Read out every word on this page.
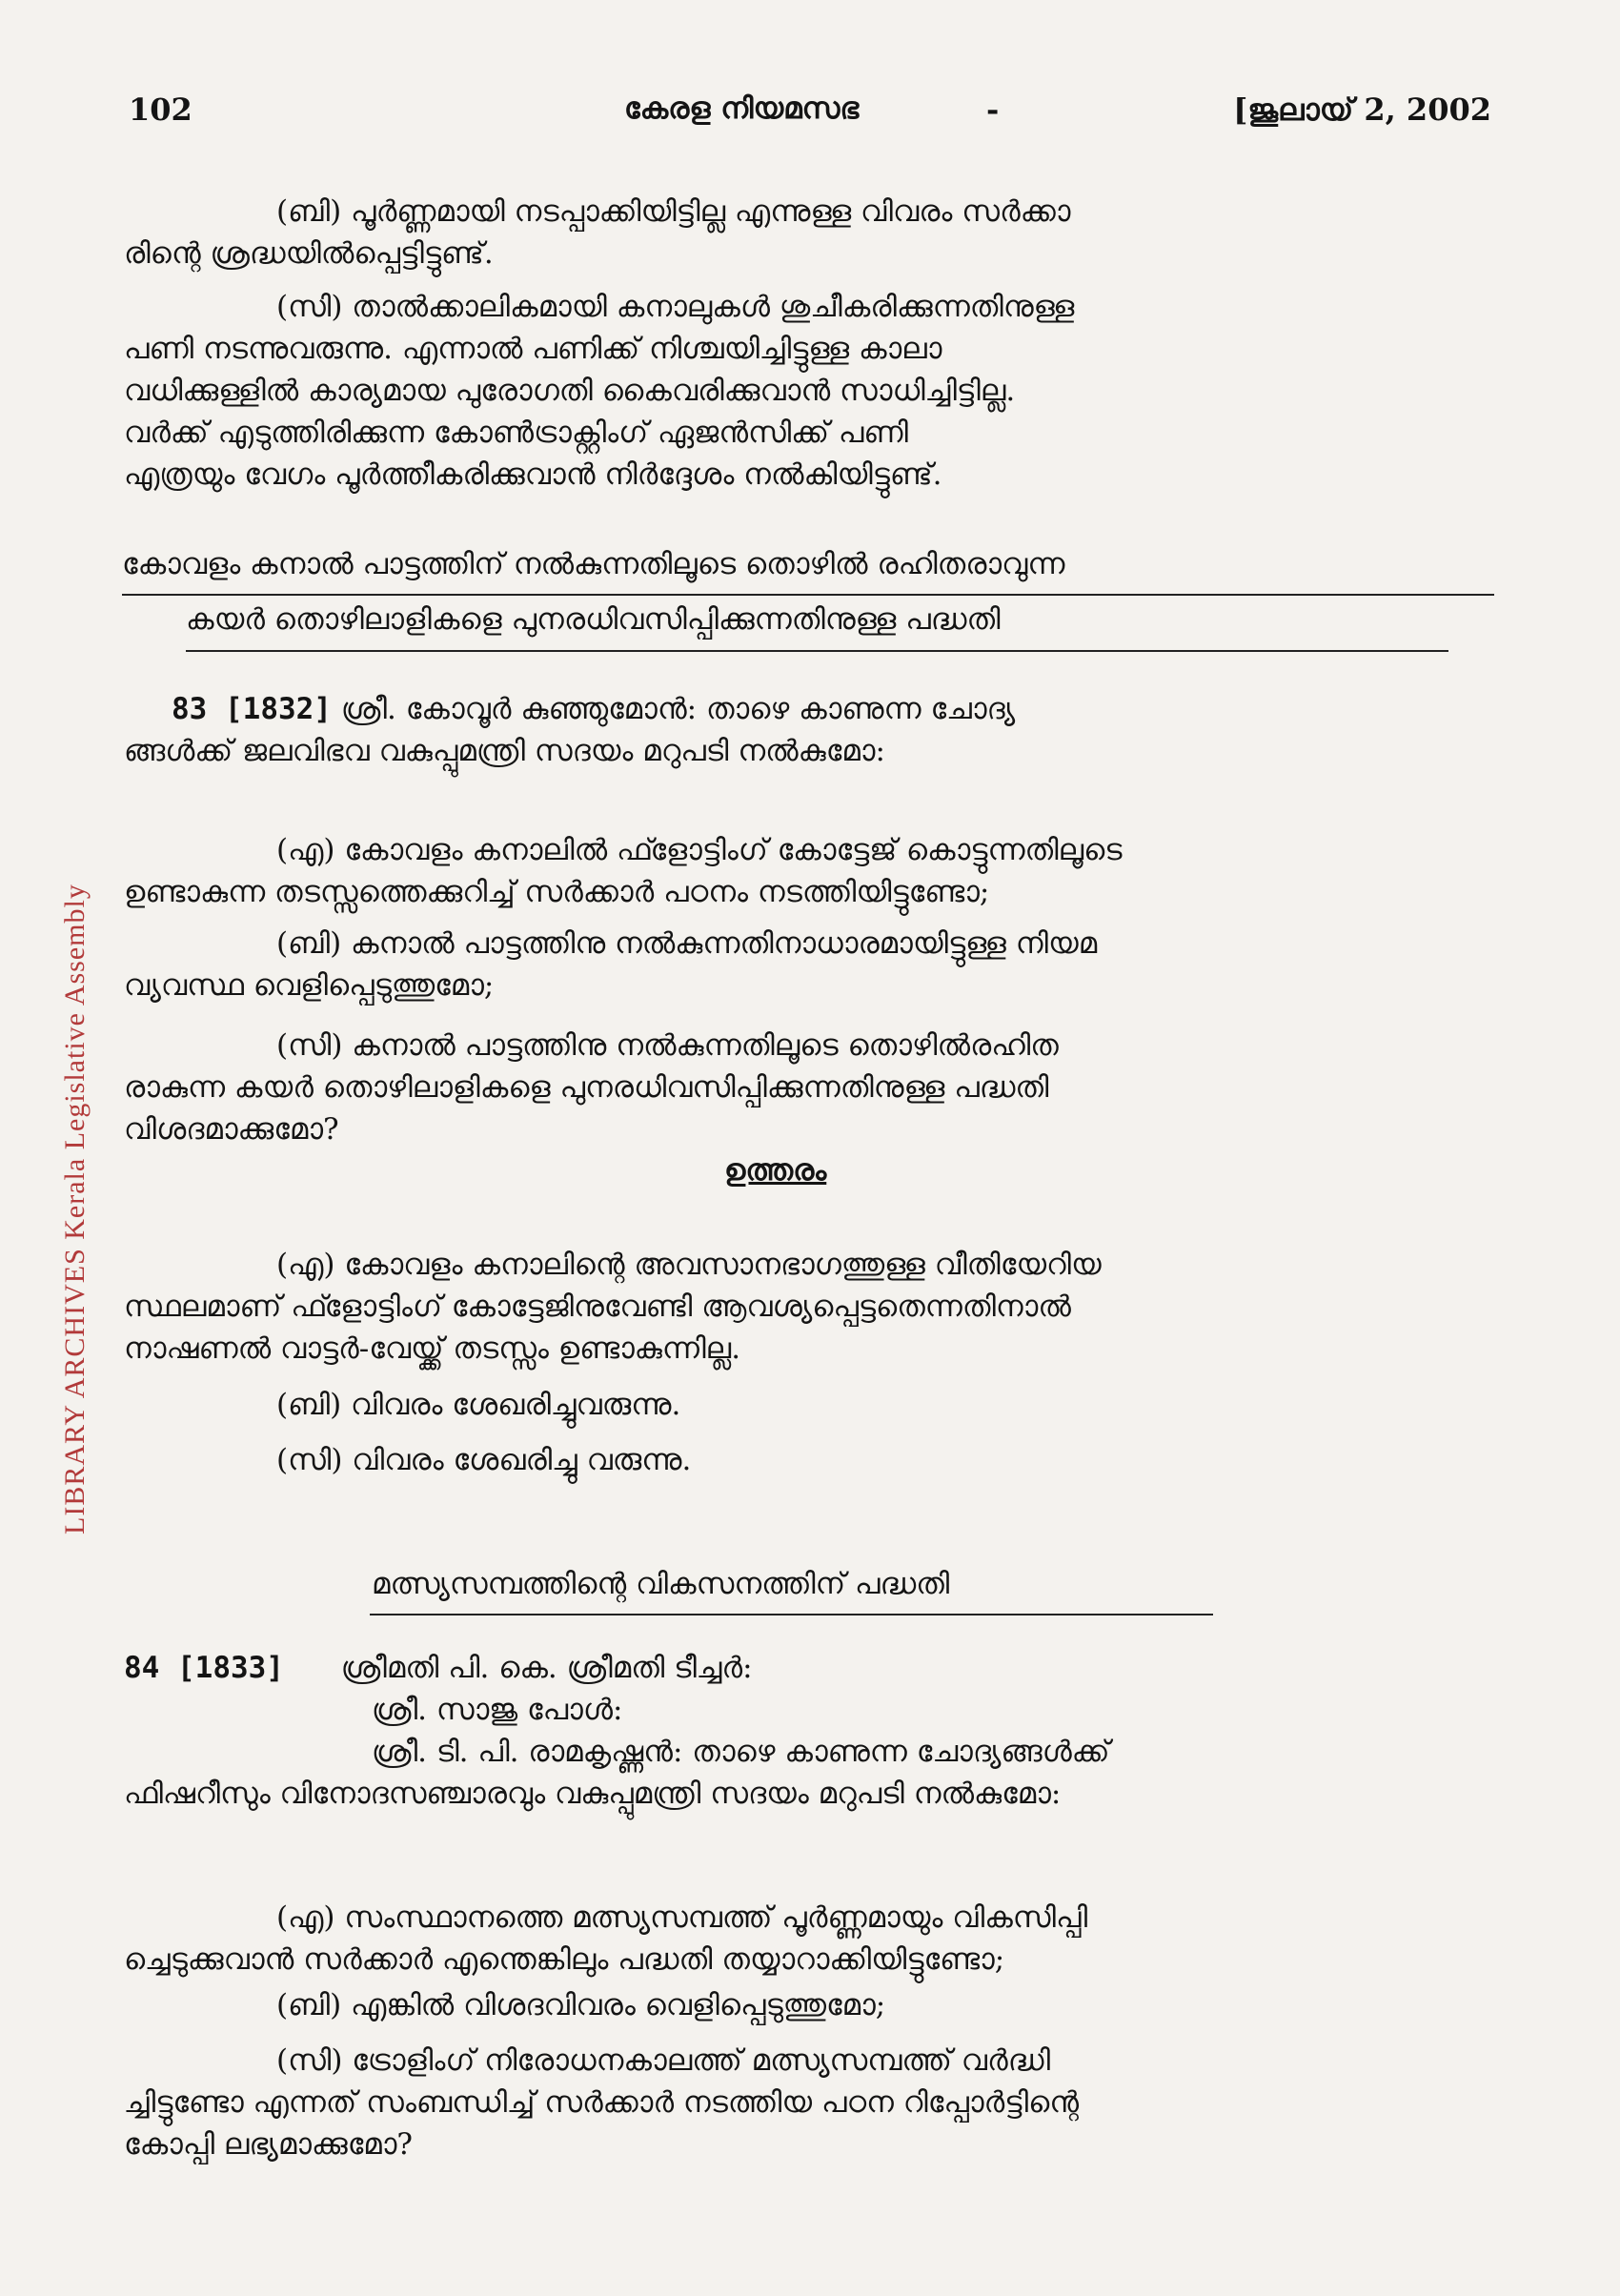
LIBRARY ARCHIVES Kerala Legislative Assembly
102	കേരള നിയമസഭ	-	[ജൂലായ് 2, 2002
(ബി) പൂർണ്ണമായി നടപ്പാക്കിയിട്ടില്ല എന്നുള്ള വിവരം സർക്കാ
രിന്റെ ശ്രദ്ധയിൽപ്പെട്ടിട്ടുണ്ട്.
(സി) താൽക്കാലികമായി കനാലുകൾ ശുചീകരിക്കുന്നതിനുള്ള
പണി നടന്നുവരുന്നു. എന്നാൽ പണിക്ക് നിശ്ചയിച്ചിട്ടുള്ള കാലാ
വധിക്കുള്ളിൽ കാര്യമായ പുരോഗതി കൈവരിക്കുവാൻ സാധിച്ചിട്ടില്ല.
വർക്ക് എടുത്തിരിക്കുന്ന കോൺട്രാക്റ്റിംഗ് ഏജൻസിക്ക് പണി
എത്രയും വേഗം പൂർത്തീകരിക്കുവാൻ നിർദ്ദേശം നൽകിയിട്ടുണ്ട്.
കോവളം കനാൽ പാട്ടത്തിന് നൽകുന്നതിലൂടെ തൊഴിൽ രഹിതരാവുന്ന
കയർ തൊഴിലാളികളെ പുനരധിവസിപ്പിക്കുന്നതിനുള്ള പദ്ധതി
83 [1832] ശ്രീ. കോവൂർ കുഞ്ഞുമോൻ: താഴെ കാണുന്ന ചോദ്യ
ങ്ങൾക്ക് ജലവിഭവ വകുപ്പുമന്ത്രി സദയം മറുപടി നൽകുമോ:
(എ) കോവളം കനാലിൽ ഫ്ളോട്ടിംഗ് കോട്ടേജ് കൊട്ടുന്നതിലൂടെ
ഉണ്ടാകുന്ന തടസ്സത്തെക്കുറിച്ച് സർക്കാർ പഠനം നടത്തിയിട്ടുണ്ടോ;
(ബി) കനാൽ പാട്ടത്തിനു നൽകുന്നതിനാധാരമായിട്ടുള്ള നിയമ
വ്യവസ്ഥ വെളിപ്പെടുത്തുമോ;
(സി) കനാൽ പാട്ടത്തിനു നൽകുന്നതിലൂടെ തൊഴിൽരഹിത
രാകുന്ന കയർ തൊഴിലാളികളെ പുനരധിവസിപ്പിക്കുന്നതിനുള്ള പദ്ധതി
വിശദമാക്കുമോ?
ഉത്തരം
(എ) കോവളം കനാലിന്റെ അവസാനഭാഗത്തുള്ള വീതിയേറിയ
സ്ഥലമാണ് ഫ്ളോട്ടിംഗ് കോട്ടേജിനുവേണ്ടി ആവശ്യപ്പെട്ടതെന്നതിനാൽ
നാഷണൽ വാട്ടർ-വേയ്ക്ക് തടസ്സം ഉണ്ടാകുന്നില്ല.
(ബി) വിവരം ശേഖരിച്ചുവരുന്നു.
(സി) വിവരം ശേഖരിച്ചു വരുന്നു.
മത്സ്യസമ്പത്തിന്റെ വികസനത്തിന് പദ്ധതി
84 [1833] ശ്രീമതി പി. കെ. ശ്രീമതി ടീച്ചർ:
ശ്രീ. സാജു പോൾ:
ശ്രീ. ടി. പി. രാമകൃഷ്ണൻ: താഴെ കാണുന്ന ചോദ്യങ്ങൾക്ക്
ഫിഷറീസും വിനോദസഞ്ചാരവും വകുപ്പുമന്ത്രി സദയം മറുപടി നൽകുമോ:
(എ) സംസ്ഥാനത്തെ മത്സ്യസമ്പത്ത് പൂർണ്ണമായും വികസിപ്പി
ച്ചെടുക്കുവാൻ സർക്കാർ എന്തെങ്കിലും പദ്ധതി തയ്യാറാക്കിയിട്ടുണ്ടോ;
(ബി) എങ്കിൽ വിശദവിവരം വെളിപ്പെടുത്തുമോ;
(സി) ട്രോളിംഗ് നിരോധനകാലത്ത് മത്സ്യസമ്പത്ത് വർദ്ധി
ച്ചിട്ടുണ്ടോ എന്നത് സംബന്ധിച്ച് സർക്കാർ നടത്തിയ പഠന റിപ്പോർട്ടിന്റെ
കോപ്പി ലഭ്യമാക്കുമോ?
